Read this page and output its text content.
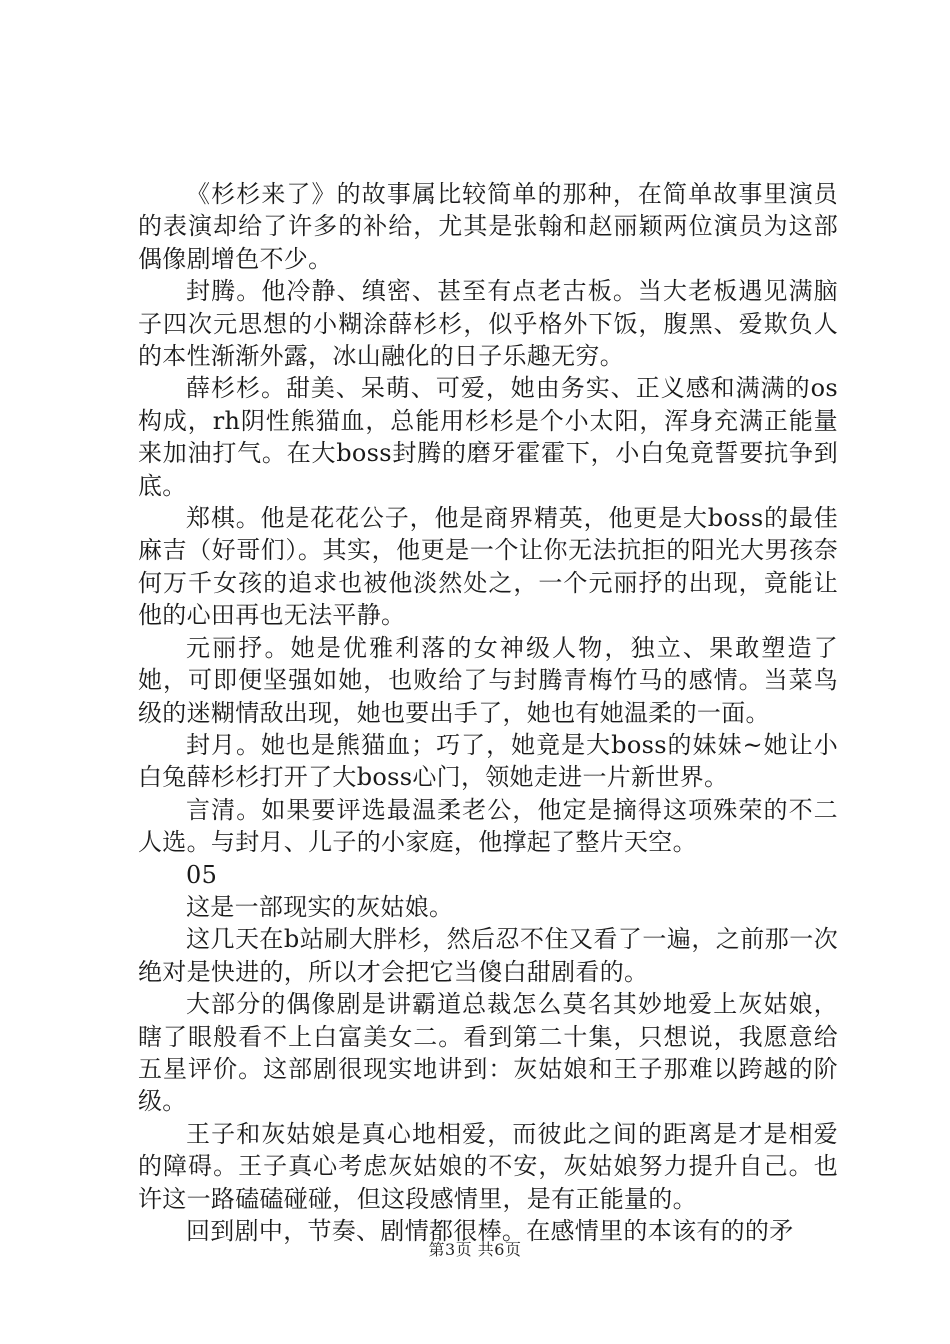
《杉杉来了》的故事属比较简单的那种，在简单故事里演员的表演却给了许多的补给，尤其是张翰和赵丽颖两位演员为这部偶像剧增色不少。

封腾。他冷静、缜密、甚至有点老古板。当大老板遇见满脑子四次元思想的小糊涂薛杉杉，似乎格外下饭，腹黑、爱欺负人的本性渐渐外露，冰山融化的日子乐趣无穷。

薛杉杉。甜美、呆萌、可爱，她由务实、正义感和满满的os构成，rh阴性熊猫血，总能用杉杉是个小太阳，浑身充满正能量来加油打气。在大boss封腾的磨牙霍霍下，小白兔竟誓要抗争到底。

郑棋。他是花花公子，他是商界精英，他更是大boss的最佳麻吉（好哥们）。其实，他更是一个让你无法抗拒的阳光大男孩奈何万千女孩的追求也被他淡然处之，一个元丽抒的出现，竟能让他的心田再也无法平静。

元丽抒。她是优雅利落的女神级人物，独立、果敢塑造了她，可即便坚强如她，也败给了与封腾青梅竹马的感情。当菜鸟级的迷糊情敌出现，她也要出手了，她也有她温柔的一面。

封月。她也是熊猫血；巧了，她竟是大boss的妹妹~她让小白兔薛杉杉打开了大boss心门，领她走进一片新世界。

言清。如果要评选最温柔老公，他定是摘得这项殊荣的不二人选。与封月、儿子的小家庭，他撑起了整片天空。

05

这是一部现实的灰姑娘。

这几天在b站刷大胖杉，然后忍不住又看了一遍，之前那一次绝对是快进的，所以才会把它当傻白甜剧看的。

大部分的偶像剧是讲霸道总裁怎么莫名其妙地爱上灰姑娘，瞎了眼般看不上白富美女二。看到第二十集，只想说，我愿意给五星评价。这部剧很现实地讲到：灰姑娘和王子那难以跨越的阶级。

王子和灰姑娘是真心地相爱，而彼此之间的距离是才是相爱的障碍。王子真心考虑灰姑娘的不安，灰姑娘努力提升自己。也许这一路磕磕碰碰，但这段感情里，是有正能量的。

回到剧中，节奏、剧情都很棒。在感情里的本该有的的矛

第3页 共6页
